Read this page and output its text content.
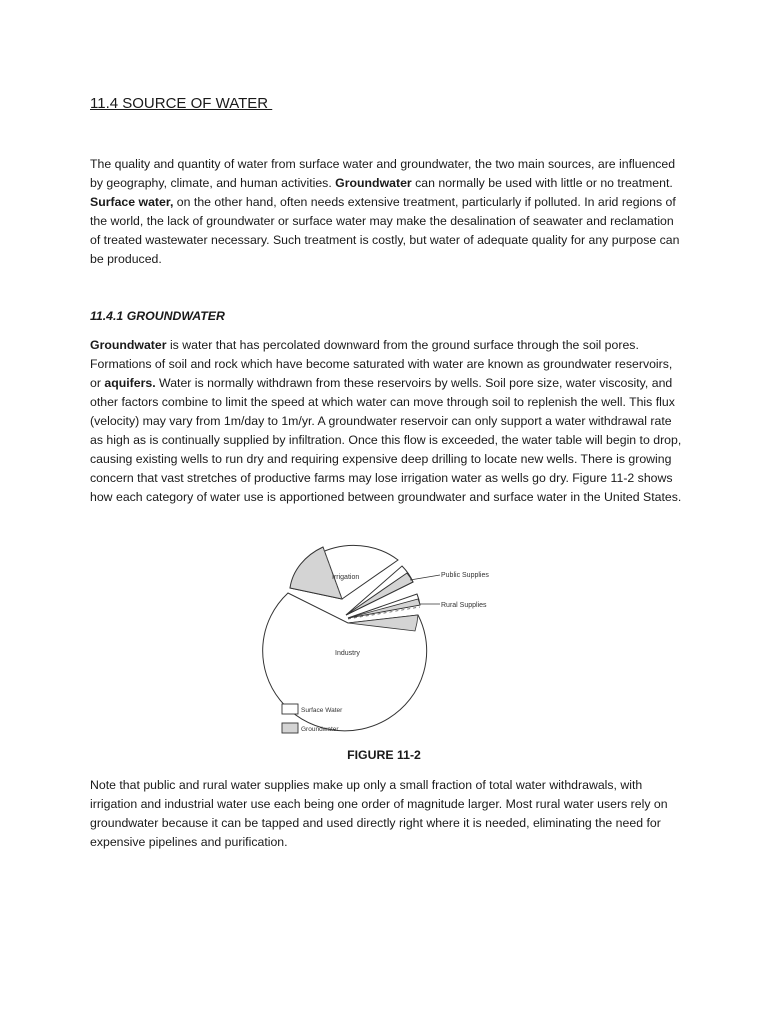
11.4 SOURCE OF WATER

The quality and quantity of water from surface water and groundwater, the two main sources, are influenced by geography, climate, and human activities. Groundwater can normally be used with little or no treatment. Surface water, on the other hand, often needs extensive treatment, particularly if polluted. In arid regions of the world, the lack of groundwater or surface water may make the desalination of seawater and reclamation of treated wastewater necessary. Such treatment is costly, but water of adequate quality for any purpose can be produced.

11.4.1 GROUNDWATER

Groundwater is water that has percolated downward from the ground surface through the soil pores. Formations of soil and rock which have become saturated with water are known as groundwater reservoirs, or aquifers. Water is normally withdrawn from these reservoirs by wells. Soil pore size, water viscosity, and other factors combine to limit the speed at which water can move through soil to replenish the well. This flux (velocity) may vary from 1m/day to 1m/yr. A groundwater reservoir can only support a water withdrawal rate as high as is continually supplied by infiltration. Once this flow is exceeded, the water table will begin to drop, causing existing wells to run dry and requiring expensive deep drilling to locate new wells. There is growing concern that vast stretches of productive farms may lose irrigation water as wells go dry. Figure 11-2 shows how each category of water use is apportioned between groundwater and surface water in the United States.

Irrigation	Public Supplies
Rural Supplies
Industry
Surface Water
Groundwater
FIGURE 11-2

Note that public and rural water supplies make up only a small fraction of total water withdrawals, with irrigation and industrial water use each being one order of magnitude larger. Most rural water users rely on groundwater because it can be tapped and used directly right where it is needed, eliminating the need for expensive pipelines and purification.
